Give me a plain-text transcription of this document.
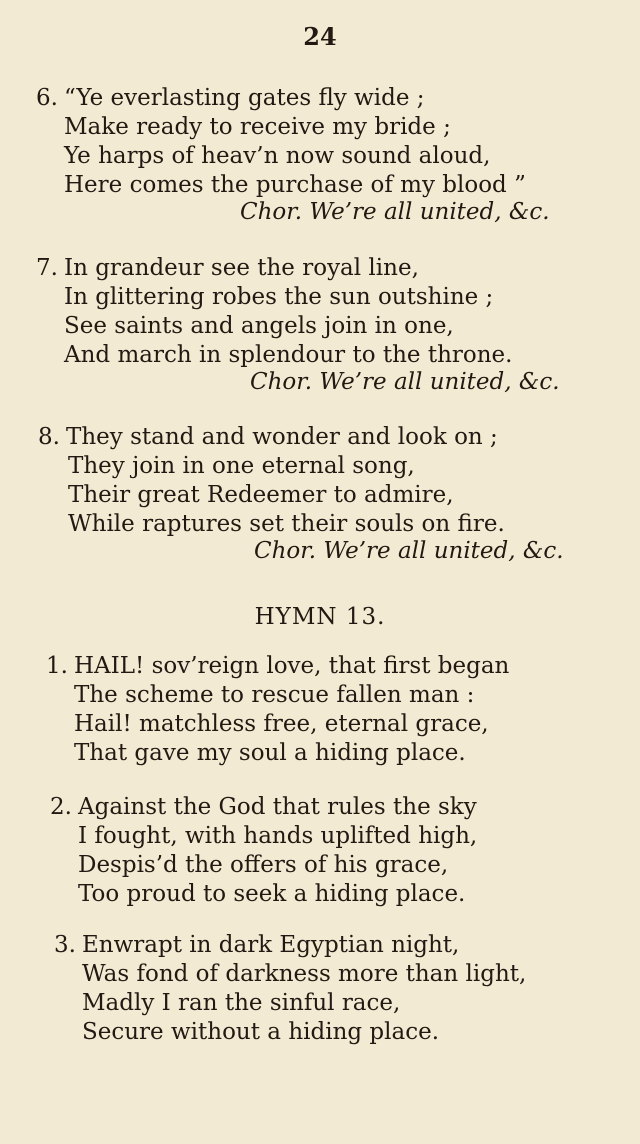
24
6. “Ye everlasting gates fly wide ;
Make ready to receive my bride ;
Ye harps of heav’n now sound aloud,
Here comes the purchase of my blood ”
Chor. We’re all united, &c.
7. In grandeur see the royal line,
In glittering robes the sun outshine ;
See saints and angels join in one,
And march in splendour to the throne.
Chor. We’re all united, &c.
8. They stand and wonder and look on ;
They join in one eternal song,
Their great Redeemer to admire,
While raptures set their souls on fire.
Chor. We’re all united, &c.
HYMN 13.
1. HAIL! sov’reign love, that first began
The scheme to rescue fallen man :
Hail! matchless free, eternal grace,
That gave my soul a hiding place.
2. Against the God that rules the sky
I fought, with hands uplifted high,
Despis’d the offers of his grace,
Too proud to seek a hiding place.
3. Enwrapt in dark Egyptian night,
Was fond of darkness more than light,
Madly I ran the sinful race,
Secure without a hiding place.
